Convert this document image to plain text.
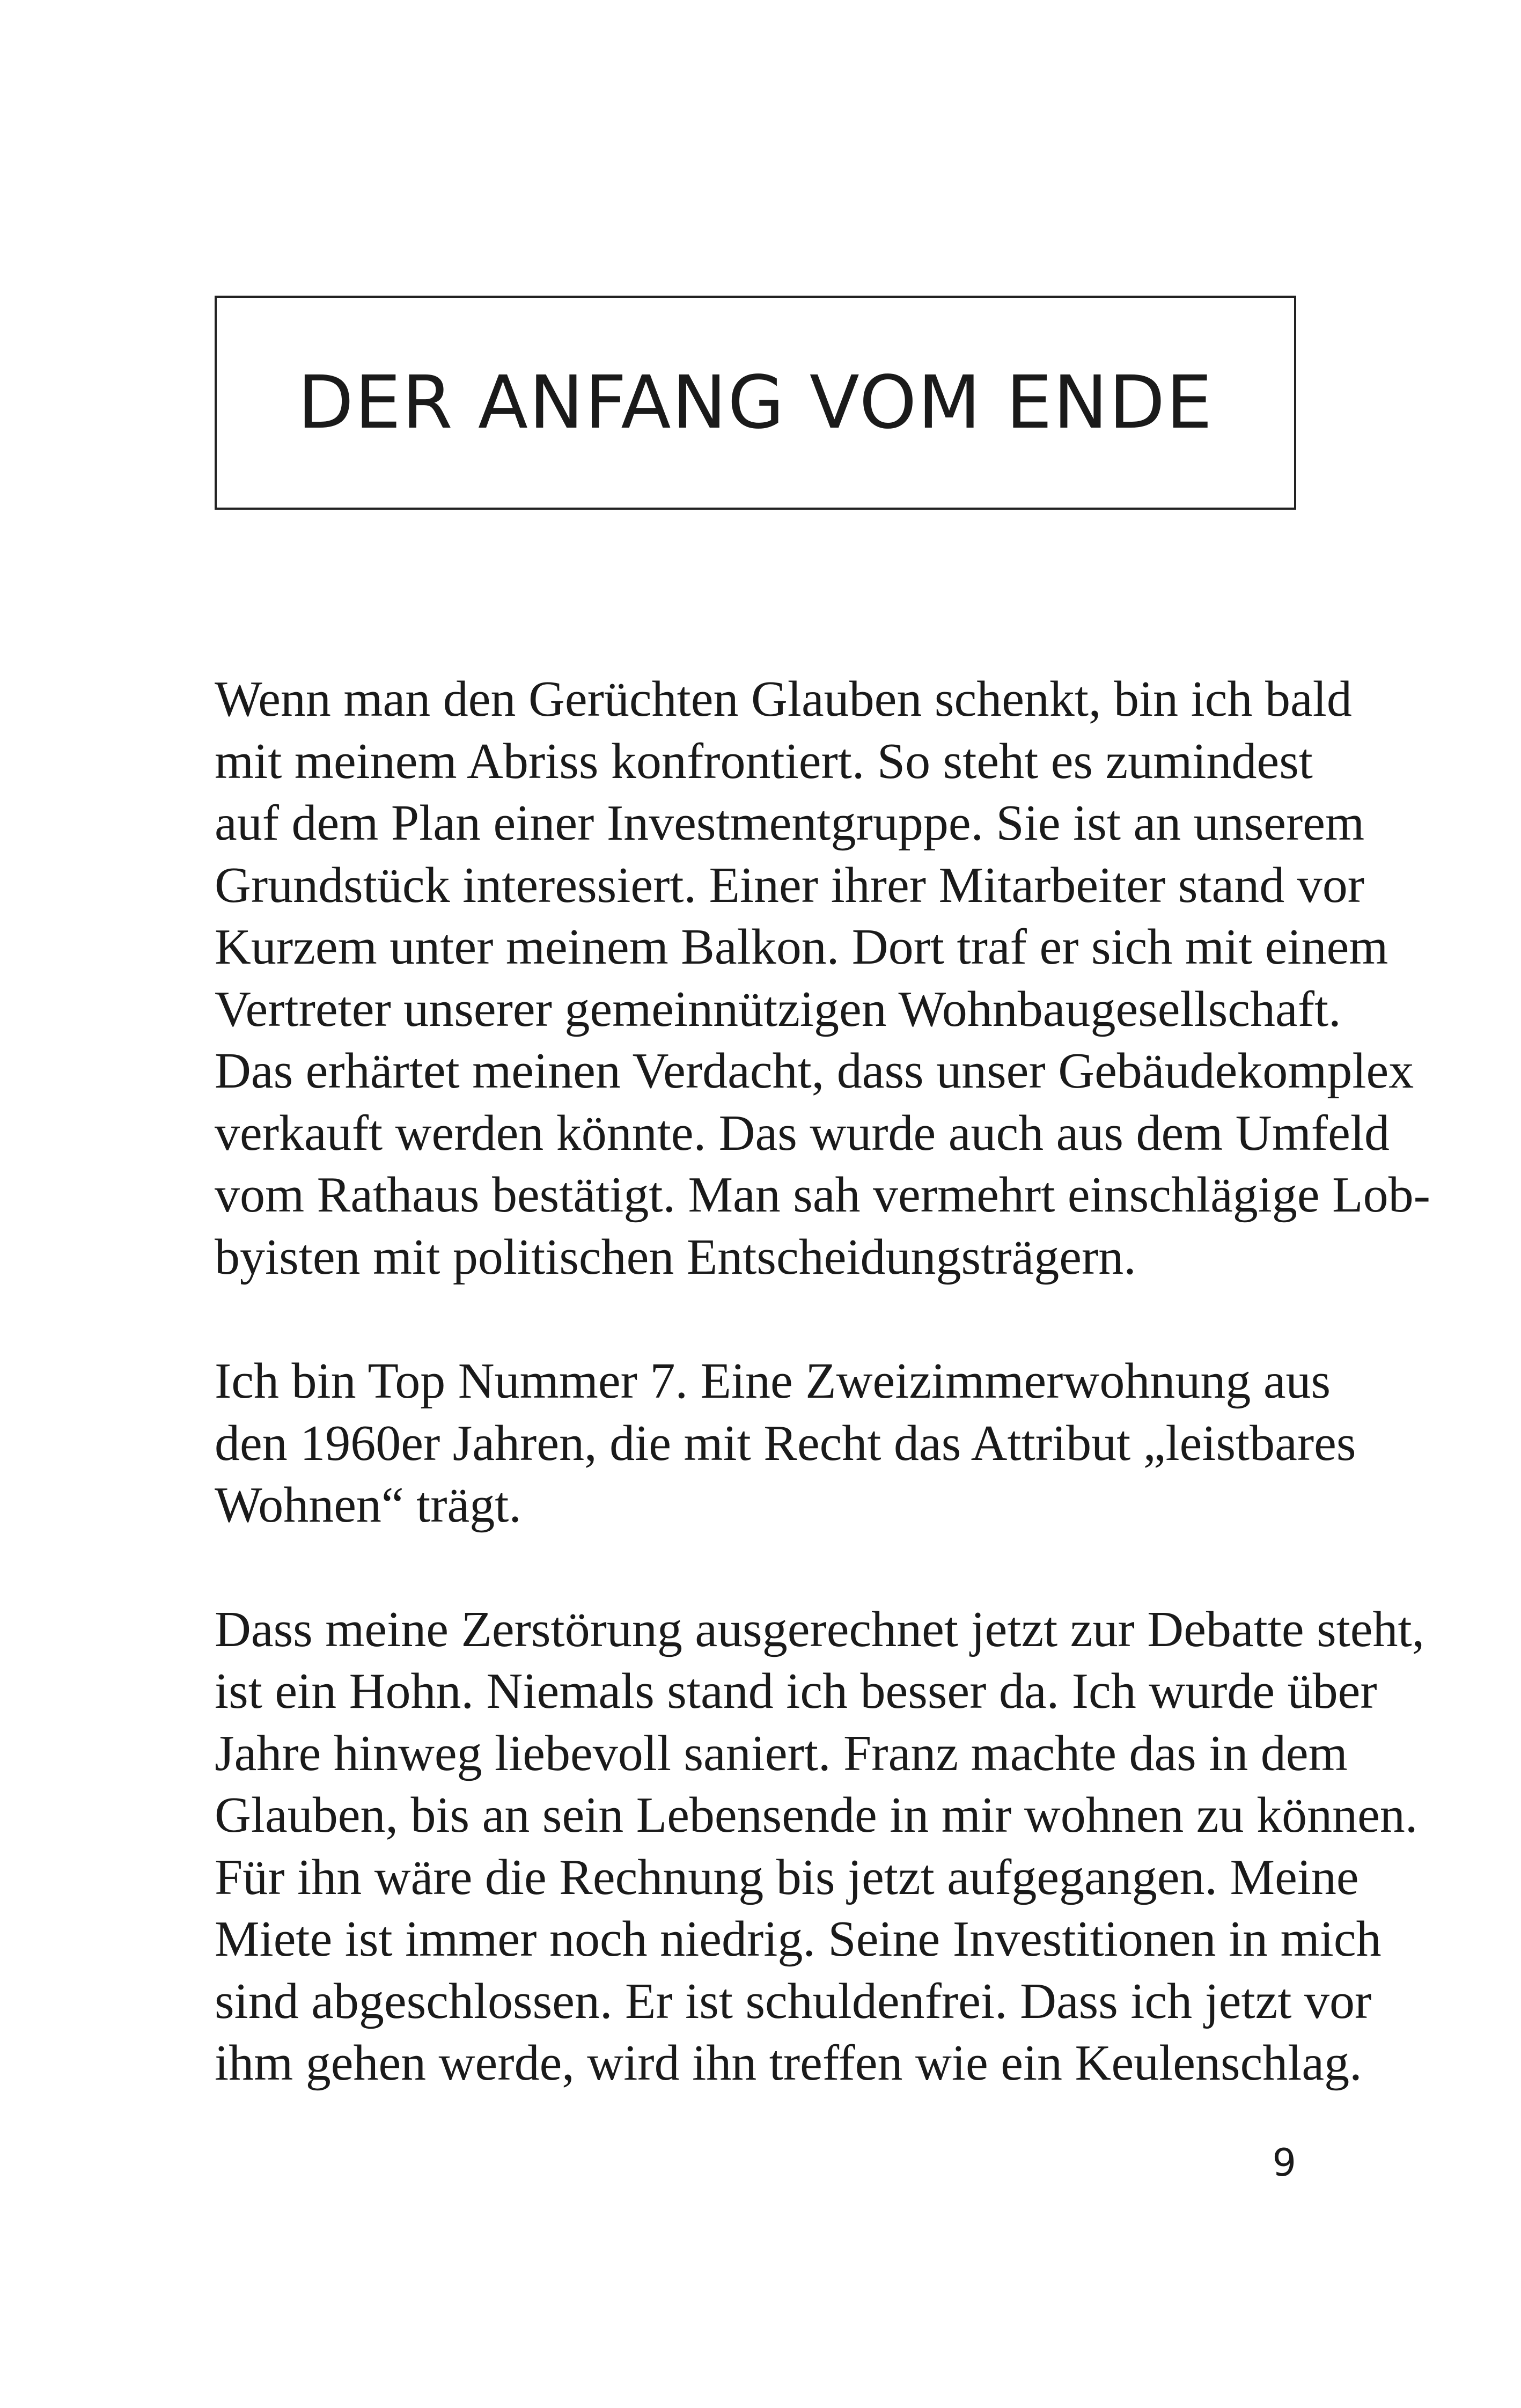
DER ANFANG VOM ENDE

Wenn man den Gerüchten Glauben schenkt, bin ich bald
mit meinem Abriss konfrontiert. So steht es zumindest
auf dem Plan einer Investmentgruppe. Sie ist an unserem
Grundstück interessiert. Einer ihrer Mitarbeiter stand vor
Kurzem unter meinem Balkon. Dort traf er sich mit einem
Vertreter unserer gemeinnützigen Wohnbaugesellschaft.
Das erhärtet meinen Verdacht, dass unser Gebäudekomplex
verkauft werden könnte. Das wurde auch aus dem Umfeld
vom Rathaus bestätigt. Man sah vermehrt einschlägige Lob-
byisten mit politischen Entscheidungsträgern.

Ich bin Top Nummer 7. Eine Zweizimmerwohnung aus
den 1960er Jahren, die mit Recht das Attribut „leistbares
Wohnen“ trägt.

Dass meine Zerstörung ausgerechnet jetzt zur Debatte steht,
ist ein Hohn. Niemals stand ich besser da. Ich wurde über
Jahre hinweg liebevoll saniert. Franz machte das in dem
Glauben, bis an sein Lebensende in mir wohnen zu können.
Für ihn wäre die Rechnung bis jetzt aufgegangen. Meine
Miete ist immer noch niedrig. Seine Investitionen in mich
sind abgeschlossen. Er ist schuldenfrei. Dass ich jetzt vor
ihm gehen werde, wird ihn treffen wie ein Keulenschlag.

9
